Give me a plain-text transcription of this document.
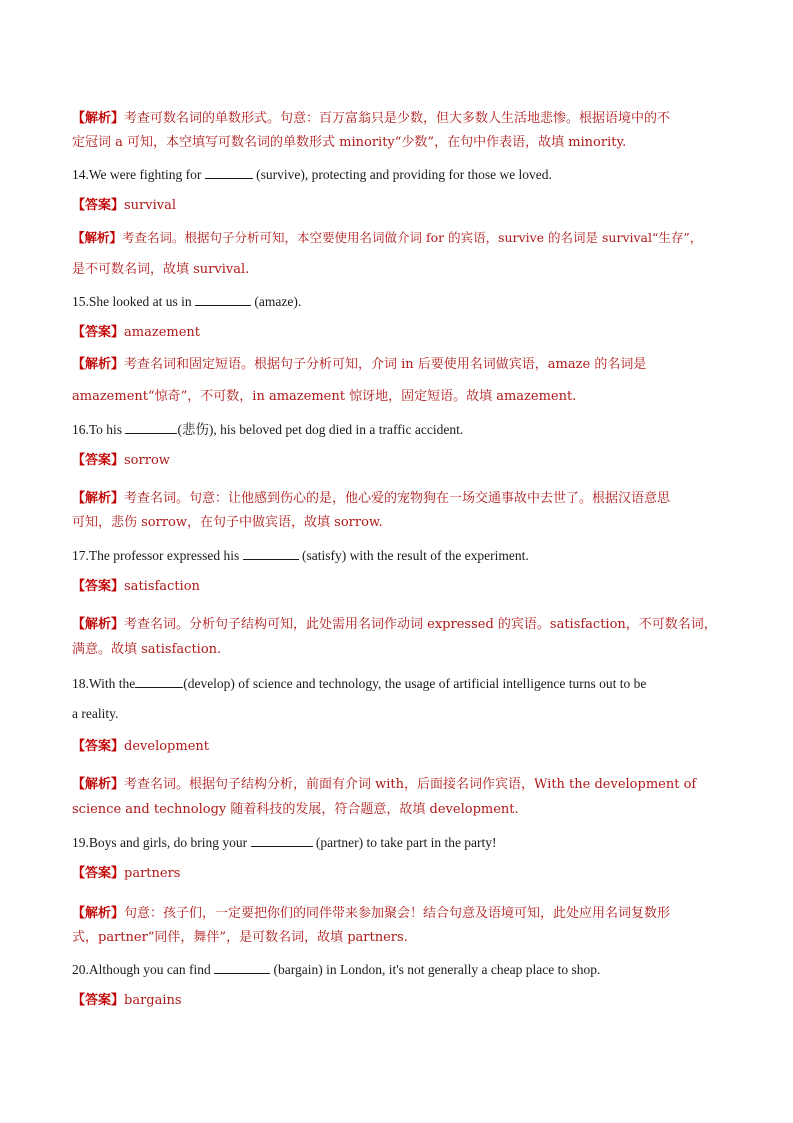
【解析】考查可数名词的单数形式。句意：百万富翁只是少数，但大多数人生活地悲惨。根据语境中的不
定冠词 a 可知，本空填写可数名词的单数形式 minority“少数”，在句中作表语，故填 minority.
14.We were fighting for	(survive), protecting and providing for those we loved.
【答案】survival
【解析】考查名词。根据句子分析可知，本空要使用名词做介词 for 的宾语，survive 的名词是 survival“生存”，
是不可数名词，故填 survival.
15.She looked at us in	(amaze).
【答案】amazement
【解析】考查名词和固定短语。根据句子分析可知，介词 in 后要使用名词做宾语，amaze 的名词是
amazement“惊奇”，不可数，in amazement 惊讶地，固定短语。故填 amazement.
16.To his	(悲伤), his beloved pet dog died in a traffic accident.
【答案】sorrow
【解析】考查名词。句意：让他感到伤心的是，他心爱的宠物狗在一场交通事故中去世了。根据汉语意思
可知，悲伤 sorrow，在句子中做宾语，故填 sorrow.
17.The professor expressed his	(satisfy) with the result of the experiment.
【答案】satisfaction
【解析】考查名词。分析句子结构可知，此处需用名词作动词 expressed 的宾语。satisfaction，不可数名词，
满意。故填 satisfaction.
18.With the	(develop) of science and technology, the usage of artificial intelligence turns out to be
a reality.
【答案】development
【解析】考查名词。根据句子结构分析，前面有介词 with，后面接名词作宾语，With the development of
science and technology 随着科技的发展，符合题意，故填 development.
19.Boys and girls, do bring your	(partner) to take part in the party!
【答案】partners
【解析】句意：孩子们，一定要把你们的同伴带来参加聚会！结合句意及语境可知，此处应用名词复数形
式，partner“同伴，舞伴”，是可数名词，故填 partners.
20.Although you can find	(bargain) in London, it's not generally a cheap place to shop.
【答案】bargains
